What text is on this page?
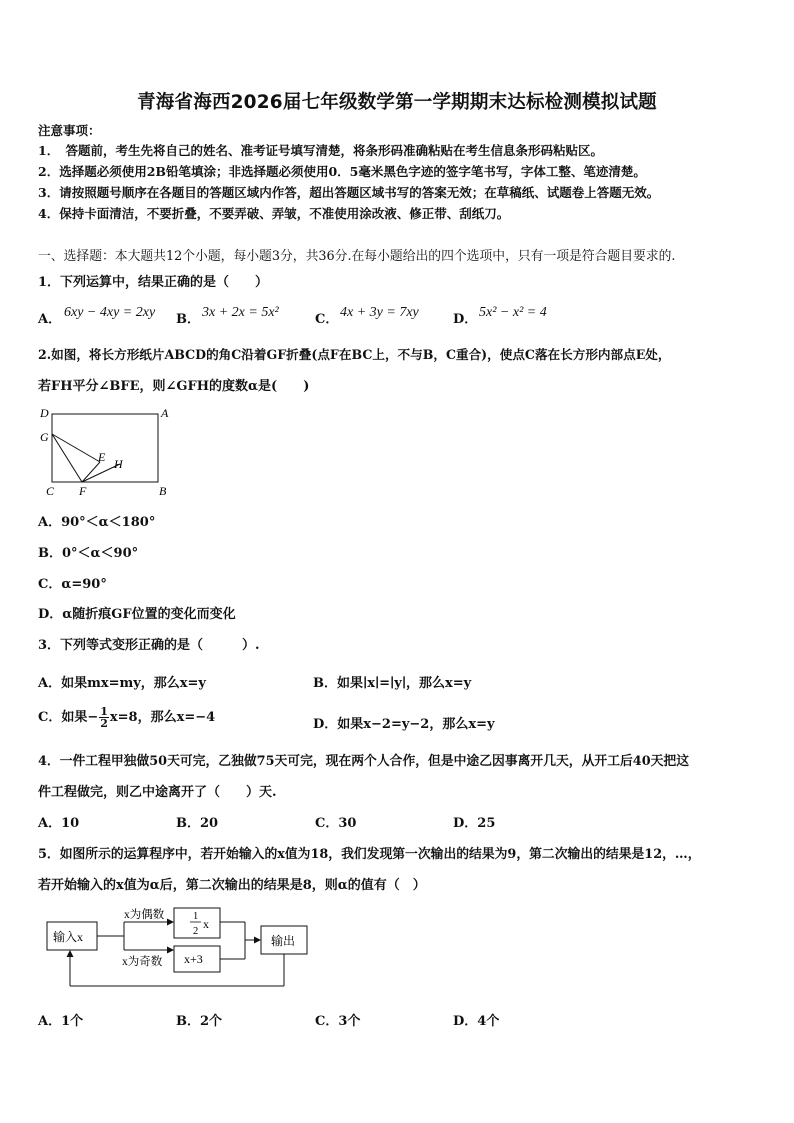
青海省海西2026届七年级数学第一学期期末达标检测模拟试题
注意事项：
1．　答题前，考生先将自己的姓名、准考证号填写清楚，将条形码准确粘贴在考生信息条形码粘贴区。
2．选择题必须使用2B铅笔填涂；非选择题必须使用0．5毫米黑色字迹的签字笔书写，字体工整、笔迹清楚。
3．请按照题号顺序在各题目的答题区域内作答，超出答题区域书写的答案无效；在草稿纸、试题卷上答题无效。
4．保持卡面清洁，不要折叠，不要弄破、弄皱，不准使用涂改液、修正带、刮纸刀。
一、选择题：本大题共12个小题，每小题3分，共36分.在每小题给出的四个选项中，只有一项是符合题目要求的.
1．下列运算中，结果正确的是（　　）
A． 6xy − 4xy = 2xy B． 3x + 2x = 5x²	C． 4x + 3y = 7xy	D． 5x² − x² = 4
2.如图，将长方形纸片ABCD的角C沿着GF折叠(点F在BC上，不与B，C重合)，使点C落在长方形内部点E处，
若FH平分∠BFE，则∠GFH的度数α是(　　)
D	A
G
E H
C F	B
A．90°＜α＜180°
B．0°＜α＜90°
C．α=90°
D．α随折痕GF位置的变化而变化
3．下列等式变形正确的是（　　　）.
A．如果mx=my，那么x=y	B．如果∣x∣=∣y∣，那么x=y
C．如果− $\frac{1}{2} x=8$，那么x=−4	D．如果x−2=y−2，那么x=y
4．一件工程甲独做50天可完，乙独做75天可完，现在两个人合作，但是中途乙因事离开几天，从开工后40天把这
件工程做完，则乙中途离开了（　　）天.
A．10	B．20	C．30	D．25
5．如图所示的运算程序中，若开始输入的x值为18，我们发现第一次输出的结果为9，第二次输出的结果是12，…，
若开始输入的x值为α后，第二次输出的结果是8，则α的值有（　）
输入x
1
2
x
x+3
输出
x为偶数
x为奇数
A．1个	B．2个	C．3个	D．4个
